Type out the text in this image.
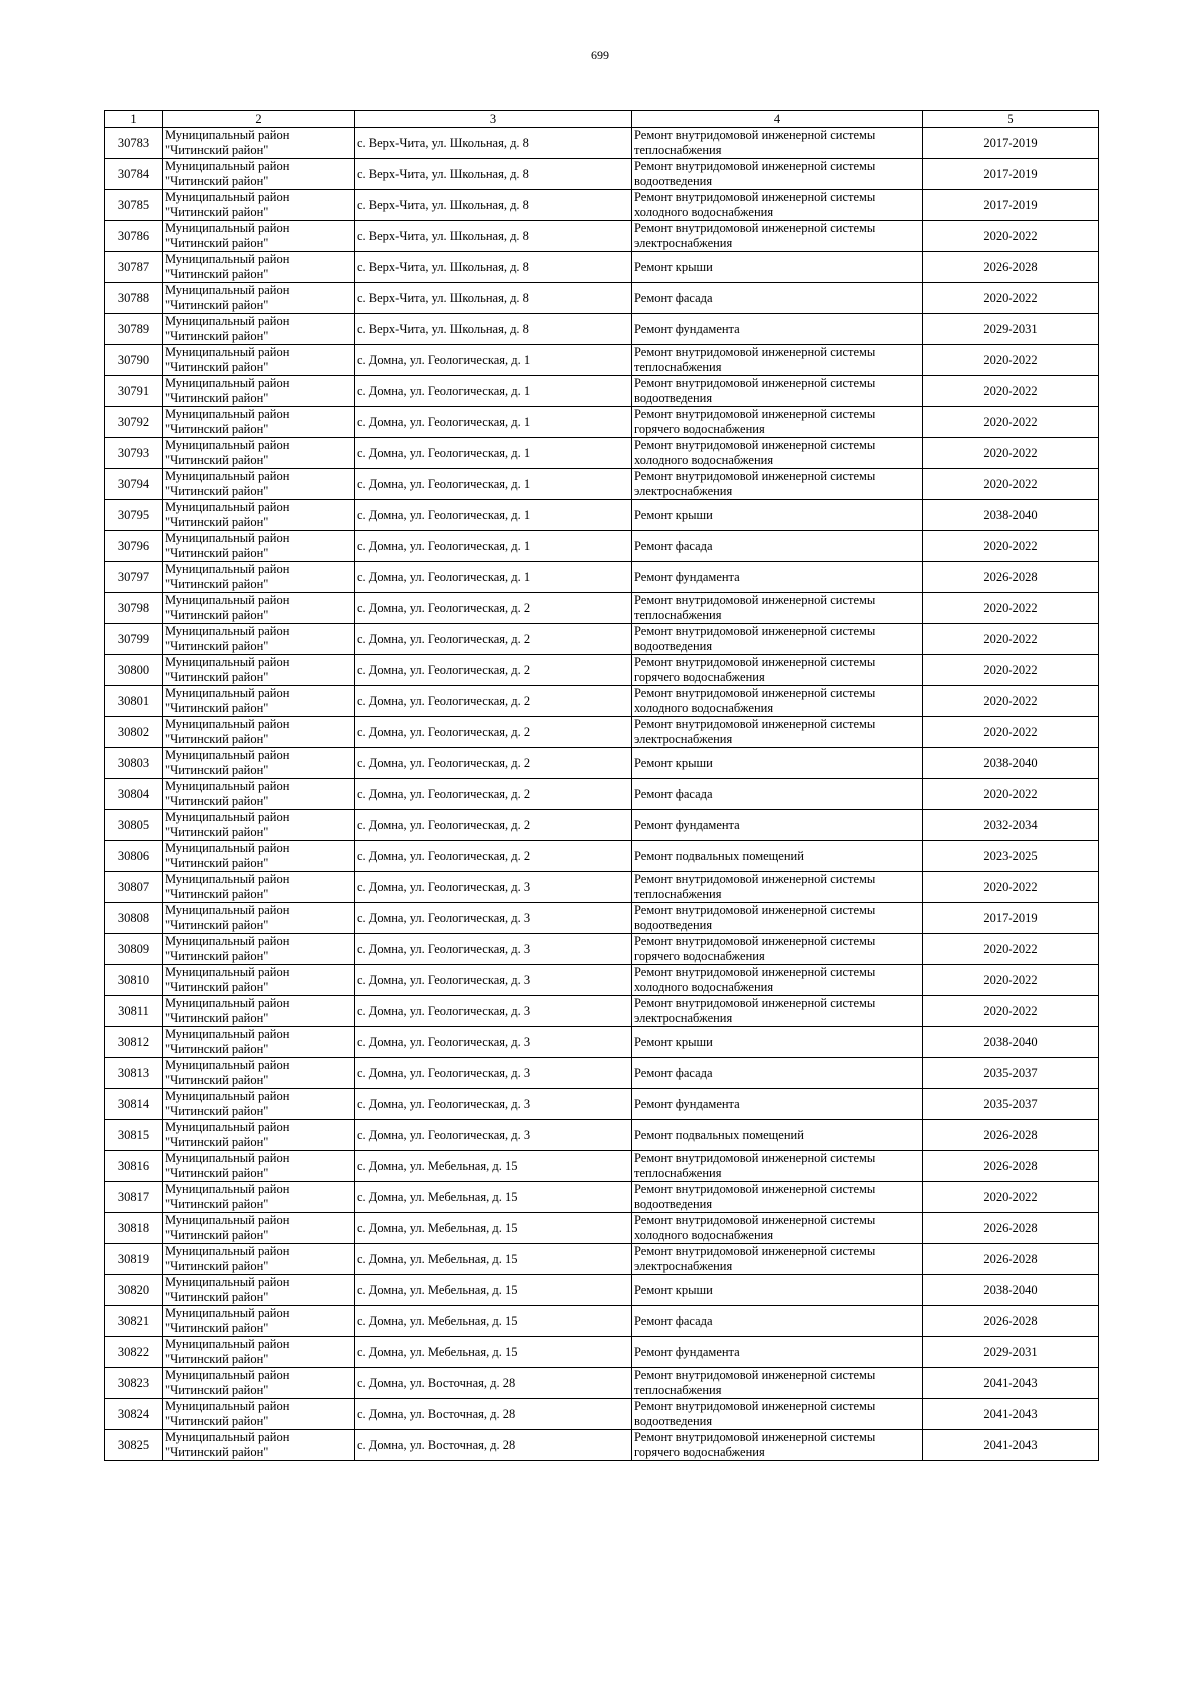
699
1	2	3	4	5
30783	Муниципальный район
"Читинский район"	с. Верх-Чита, ул. Школьная, д. 8	Ремонт внутридомовой инженерной системы
теплоснабжения	2017-2019
30784	Муниципальный район
"Читинский район"	с. Верх-Чита, ул. Школьная, д. 8	Ремонт внутридомовой инженерной системы
водоотведения	2017-2019
30785	Муниципальный район
"Читинский район"	с. Верх-Чита, ул. Школьная, д. 8	Ремонт внутридомовой инженерной системы
холодного водоснабжения	2017-2019
30786	Муниципальный район
"Читинский район"	с. Верх-Чита, ул. Школьная, д. 8	Ремонт внутридомовой инженерной системы
электроснабжения	2020-2022
30787	Муниципальный район
"Читинский район"	с. Верх-Чита, ул. Школьная, д. 8	Ремонт крыши	2026-2028
30788	Муниципальный район
"Читинский район"	с. Верх-Чита, ул. Школьная, д. 8	Ремонт фасада	2020-2022
30789	Муниципальный район
"Читинский район"	с. Верх-Чита, ул. Школьная, д. 8	Ремонт фундамента	2029-2031
30790	Муниципальный район
"Читинский район"	с. Домна, ул. Геологическая, д. 1	Ремонт внутридомовой инженерной системы
теплоснабжения	2020-2022
30791	Муниципальный район
"Читинский район"	с. Домна, ул. Геологическая, д. 1	Ремонт внутридомовой инженерной системы
водоотведения	2020-2022
30792	Муниципальный район
"Читинский район"	с. Домна, ул. Геологическая, д. 1	Ремонт внутридомовой инженерной системы
горячего водоснабжения	2020-2022
30793	Муниципальный район
"Читинский район"	с. Домна, ул. Геологическая, д. 1	Ремонт внутридомовой инженерной системы
холодного водоснабжения	2020-2022
30794	Муниципальный район
"Читинский район"	с. Домна, ул. Геологическая, д. 1	Ремонт внутридомовой инженерной системы
электроснабжения	2020-2022
30795	Муниципальный район
"Читинский район"	с. Домна, ул. Геологическая, д. 1	Ремонт крыши	2038-2040
30796	Муниципальный район
"Читинский район"	с. Домна, ул. Геологическая, д. 1	Ремонт фасада	2020-2022
30797	Муниципальный район
"Читинский район"	с. Домна, ул. Геологическая, д. 1	Ремонт фундамента	2026-2028
30798	Муниципальный район
"Читинский район"	с. Домна, ул. Геологическая, д. 2	Ремонт внутридомовой инженерной системы
теплоснабжения	2020-2022
30799	Муниципальный район
"Читинский район"	с. Домна, ул. Геологическая, д. 2	Ремонт внутридомовой инженерной системы
водоотведения	2020-2022
30800	Муниципальный район
"Читинский район"	с. Домна, ул. Геологическая, д. 2	Ремонт внутридомовой инженерной системы
горячего водоснабжения	2020-2022
30801	Муниципальный район
"Читинский район"	с. Домна, ул. Геологическая, д. 2	Ремонт внутридомовой инженерной системы
холодного водоснабжения	2020-2022
30802	Муниципальный район
"Читинский район"	с. Домна, ул. Геологическая, д. 2	Ремонт внутридомовой инженерной системы
электроснабжения	2020-2022
30803	Муниципальный район
"Читинский район"	с. Домна, ул. Геологическая, д. 2	Ремонт крыши	2038-2040
30804	Муниципальный район
"Читинский район"	с. Домна, ул. Геологическая, д. 2	Ремонт фасада	2020-2022
30805	Муниципальный район
"Читинский район"	с. Домна, ул. Геологическая, д. 2	Ремонт фундамента	2032-2034
30806	Муниципальный район
"Читинский район"	с. Домна, ул. Геологическая, д. 2	Ремонт подвальных помещений	2023-2025
30807	Муниципальный район
"Читинский район"	с. Домна, ул. Геологическая, д. 3	Ремонт внутридомовой инженерной системы
теплоснабжения	2020-2022
30808	Муниципальный район
"Читинский район"	с. Домна, ул. Геологическая, д. 3	Ремонт внутридомовой инженерной системы
водоотведения	2017-2019
30809	Муниципальный район
"Читинский район"	с. Домна, ул. Геологическая, д. 3	Ремонт внутридомовой инженерной системы
горячего водоснабжения	2020-2022
30810	Муниципальный район
"Читинский район"	с. Домна, ул. Геологическая, д. 3	Ремонт внутридомовой инженерной системы
холодного водоснабжения	2020-2022
30811	Муниципальный район
"Читинский район"	с. Домна, ул. Геологическая, д. 3	Ремонт внутридомовой инженерной системы
электроснабжения	2020-2022
30812	Муниципальный район
"Читинский район"	с. Домна, ул. Геологическая, д. 3	Ремонт крыши	2038-2040
30813	Муниципальный район
"Читинский район"	с. Домна, ул. Геологическая, д. 3	Ремонт фасада	2035-2037
30814	Муниципальный район
"Читинский район"	с. Домна, ул. Геологическая, д. 3	Ремонт фундамента	2035-2037
30815	Муниципальный район
"Читинский район"	с. Домна, ул. Геологическая, д. 3	Ремонт подвальных помещений	2026-2028
30816	Муниципальный район
"Читинский район"	с. Домна, ул. Мебельная, д. 15	Ремонт внутридомовой инженерной системы
теплоснабжения	2026-2028
30817	Муниципальный район
"Читинский район"	с. Домна, ул. Мебельная, д. 15	Ремонт внутридомовой инженерной системы
водоотведения	2020-2022
30818	Муниципальный район
"Читинский район"	с. Домна, ул. Мебельная, д. 15	Ремонт внутридомовой инженерной системы
холодного водоснабжения	2026-2028
30819	Муниципальный район
"Читинский район"	с. Домна, ул. Мебельная, д. 15	Ремонт внутридомовой инженерной системы
электроснабжения	2026-2028
30820	Муниципальный район
"Читинский район"	с. Домна, ул. Мебельная, д. 15	Ремонт крыши	2038-2040
30821	Муниципальный район
"Читинский район"	с. Домна, ул. Мебельная, д. 15	Ремонт фасада	2026-2028
30822	Муниципальный район
"Читинский район"	с. Домна, ул. Мебельная, д. 15	Ремонт фундамента	2029-2031
30823	Муниципальный район
"Читинский район"	с. Домна, ул. Восточная, д. 28	Ремонт внутридомовой инженерной системы
теплоснабжения	2041-2043
30824	Муниципальный район
"Читинский район"	с. Домна, ул. Восточная, д. 28	Ремонт внутридомовой инженерной системы
водоотведения	2041-2043
30825	Муниципальный район
"Читинский район"	с. Домна, ул. Восточная, д. 28	Ремонт внутридомовой инженерной системы
горячего водоснабжения	2041-2043
